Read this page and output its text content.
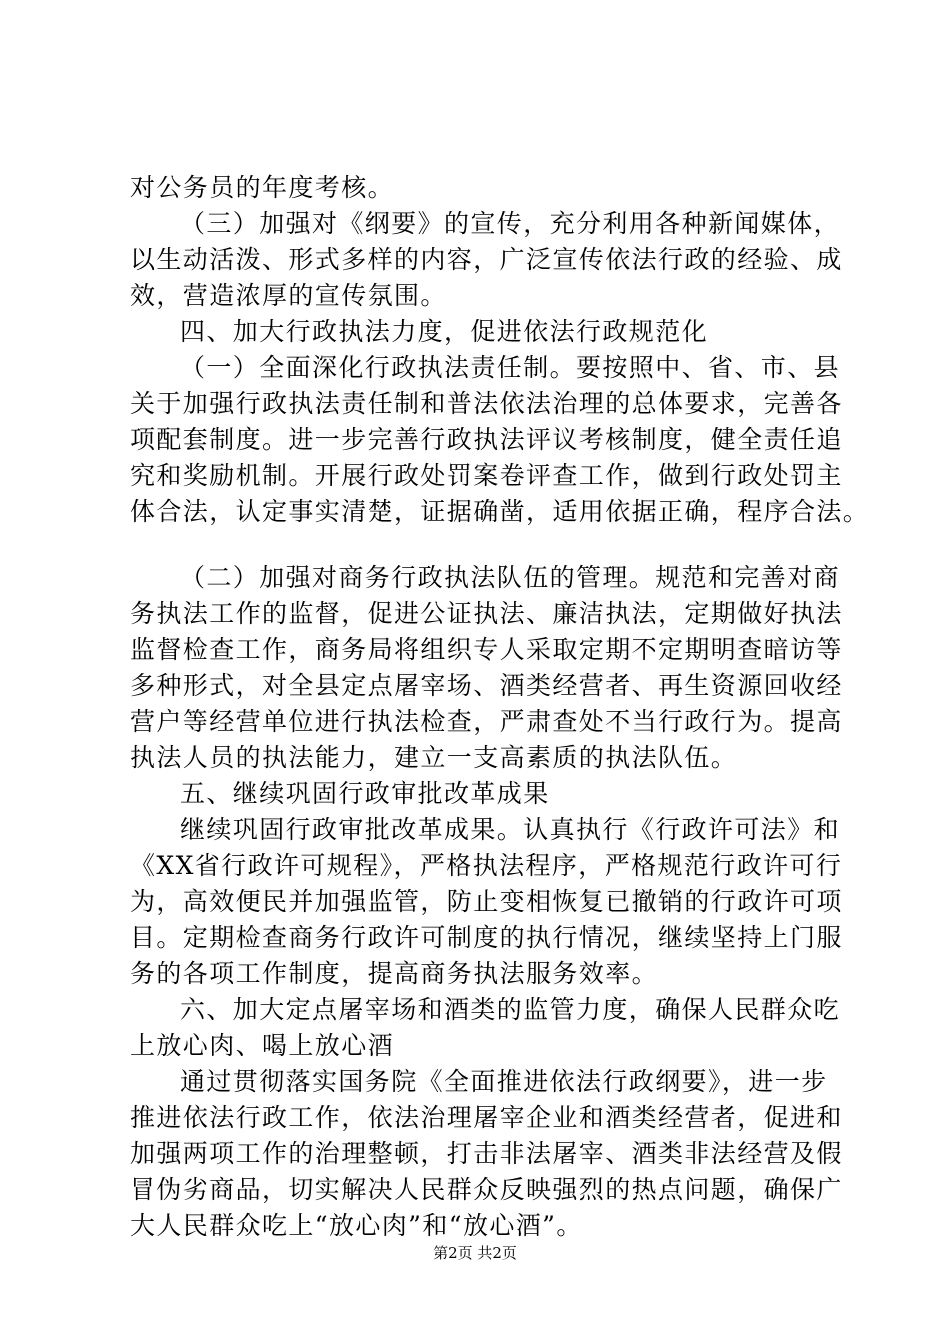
对公务员的年度考核。
（三）加强对《纲要》的宣传，充分利用各种新闻媒体，
以生动活泼、形式多样的内容，广泛宣传依法行政的经验、成
效，营造浓厚的宣传氛围。
四、加大行政执法力度，促进依法行政规范化
（一）全面深化行政执法责任制。要按照中、省、市、县
关于加强行政执法责任制和普法依法治理的总体要求，完善各
项配套制度。进一步完善行政执法评议考核制度，健全责任追
究和奖励机制。开展行政处罚案卷评查工作，做到行政处罚主
体合法，认定事实清楚，证据确凿，适用依据正确，程序合法。
（二）加强对商务行政执法队伍的管理。规范和完善对商
务执法工作的监督，促进公证执法、廉洁执法，定期做好执法
监督检查工作，商务局将组织专人采取定期不定期明查暗访等
多种形式，对全县定点屠宰场、酒类经营者、再生资源回收经
营户等经营单位进行执法检查，严肃查处不当行政行为。提高
执法人员的执法能力，建立一支高素质的执法队伍。
五、继续巩固行政审批改革成果
继续巩固行政审批改革成果。认真执行《行政许可法》和
《XX省行政许可规程》，严格执法程序，严格规范行政许可行
为，高效便民并加强监管，防止变相恢复已撤销的行政许可项
目。定期检查商务行政许可制度的执行情况，继续坚持上门服
务的各项工作制度，提高商务执法服务效率。
六、加大定点屠宰场和酒类的监管力度，确保人民群众吃
上放心肉、喝上放心酒
通过贯彻落实国务院《全面推进依法行政纲要》，进一步
推进依法行政工作，依法治理屠宰企业和酒类经营者，促进和
加强两项工作的治理整顿，打击非法屠宰、酒类非法经营及假
冒伪劣商品，切实解决人民群众反映强烈的热点问题，确保广
大人民群众吃上“放心肉”和“放心酒”。
第2页 共2页
